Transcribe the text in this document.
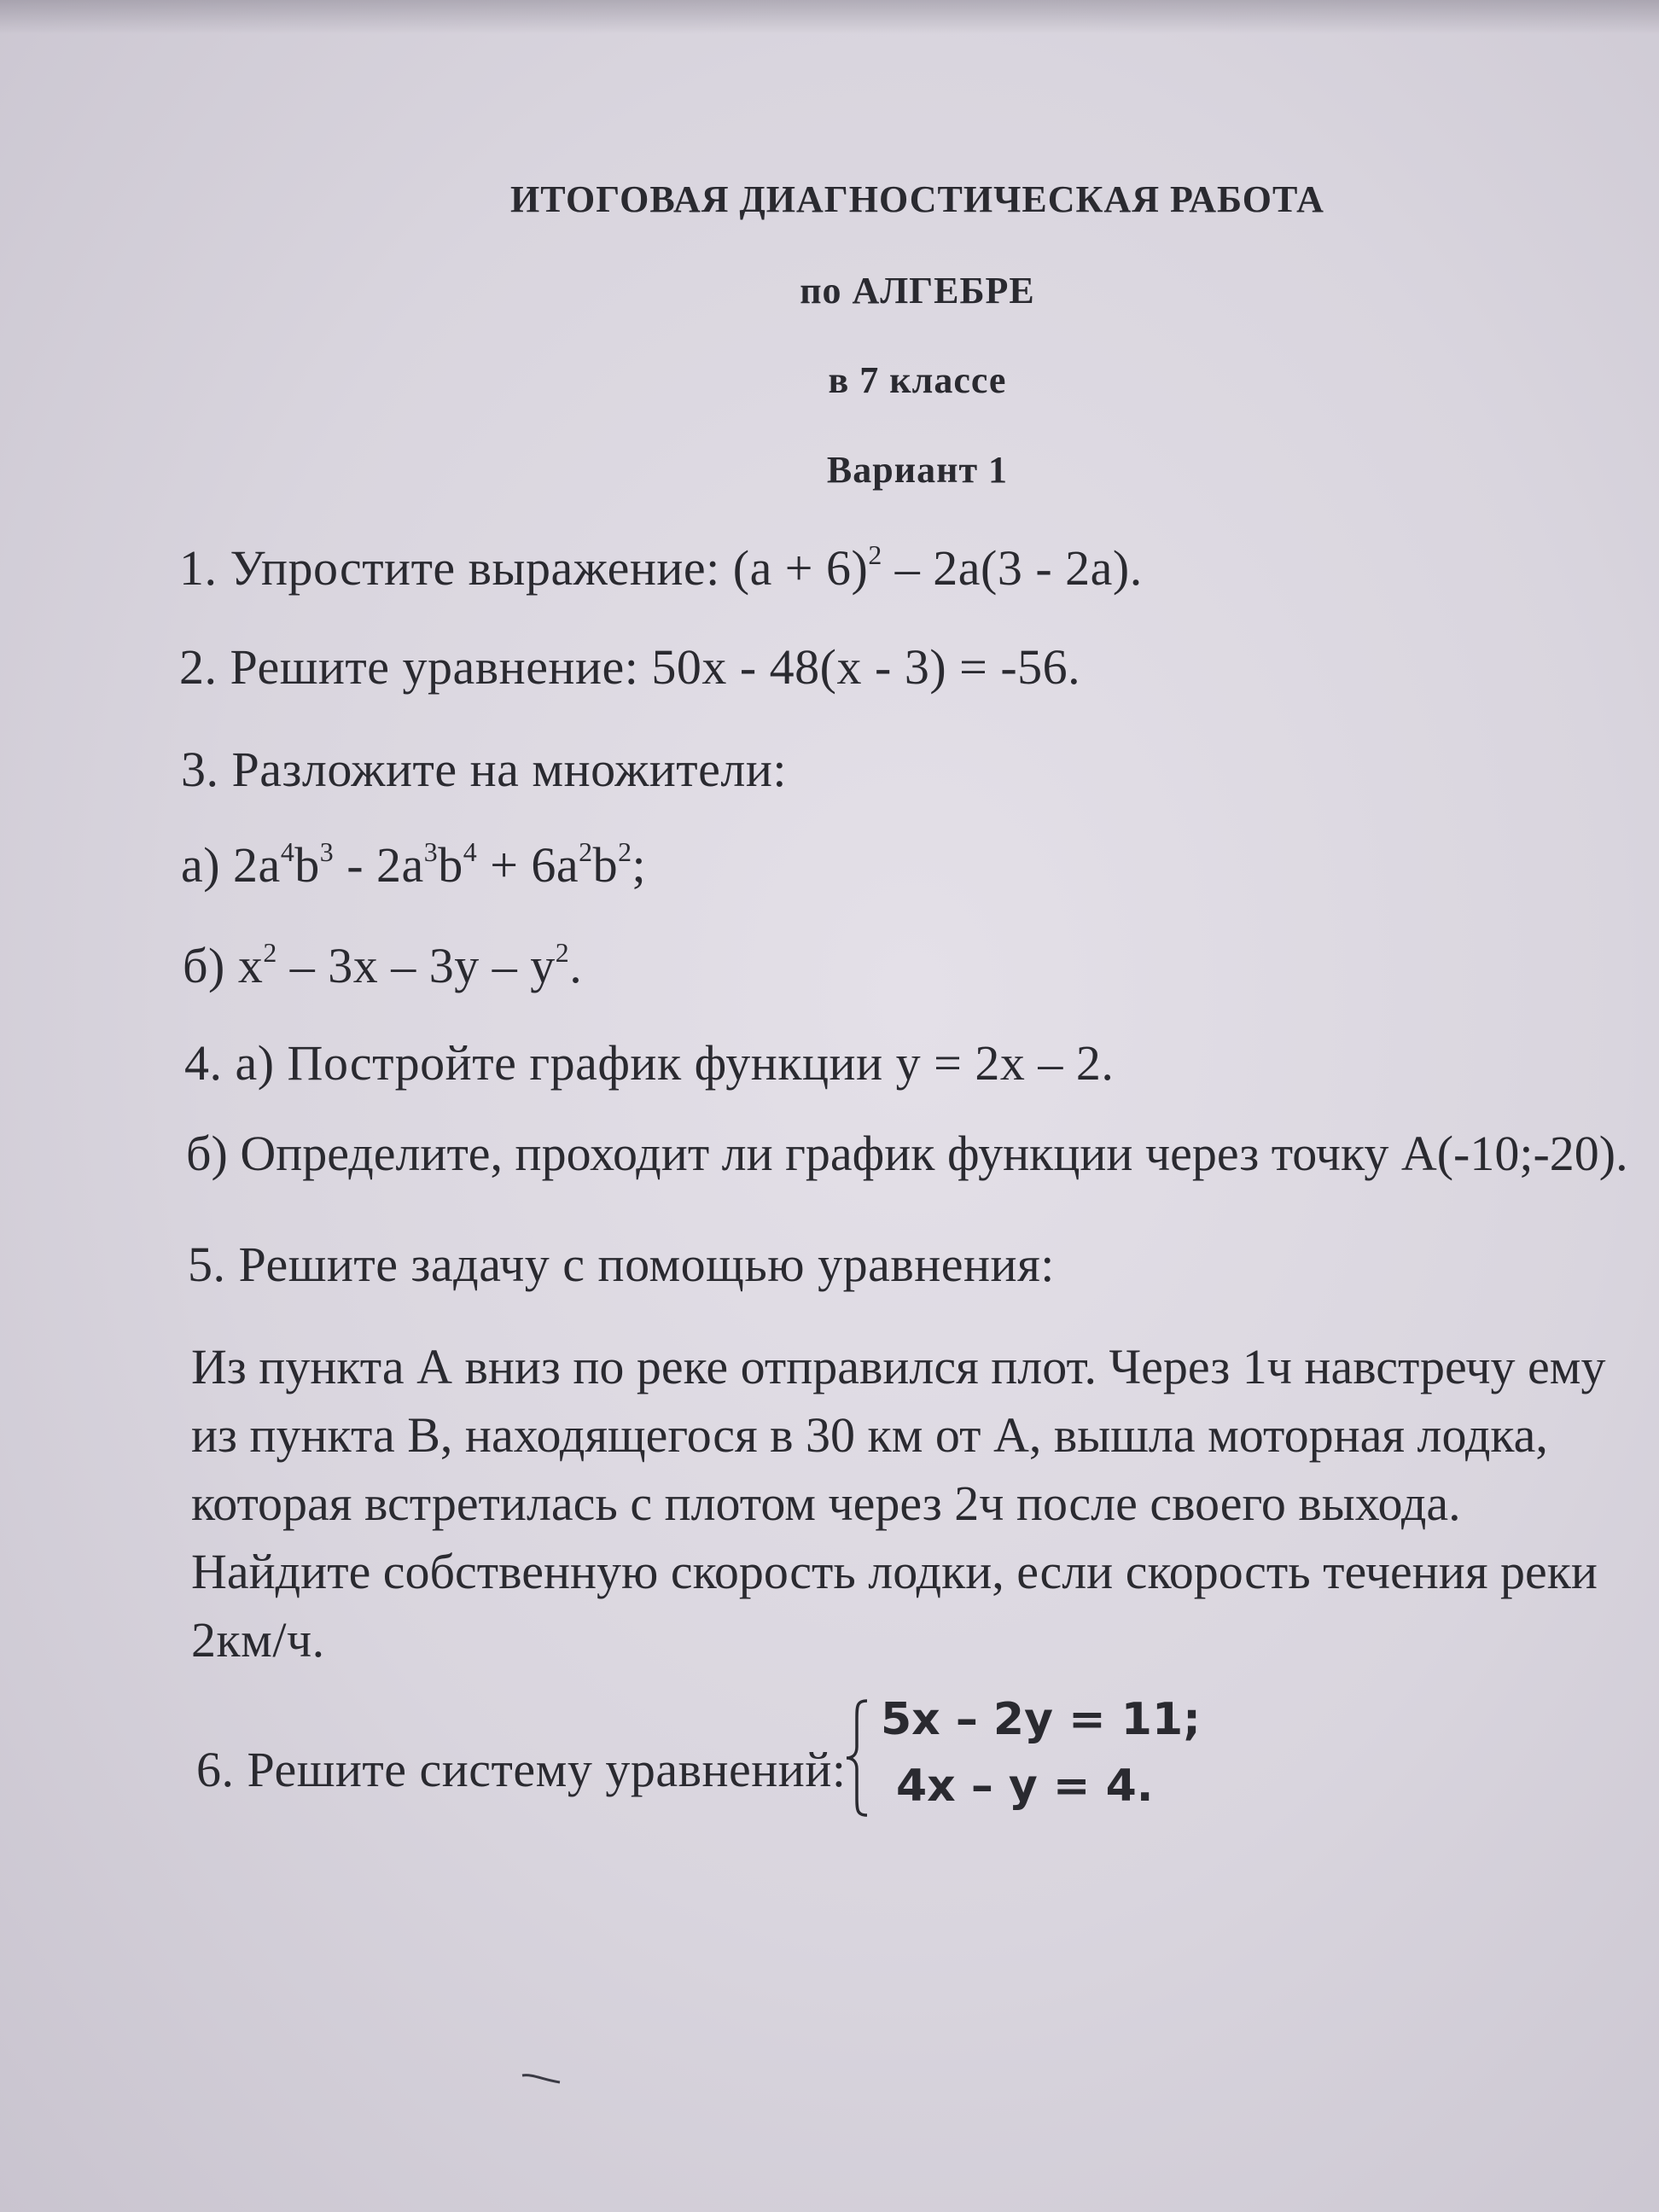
ИТОГОВАЯ ДИАГНОСТИЧЕСКАЯ РАБОТА
по АЛГЕБРЕ
в 7 классе
Вариант 1
1. Упростите выражение: $(a + 6)^2 - 2a(3 - 2a)$.
2. Решите уравнение: 50x - 48(x - 3) = -56.
3. Разложите на множители:
а) $2a^4b^3 - 2a^3b^4 + 6a^2b^2$;
б) $x^2 - 3x - 3y - y^2$.
4. а) Постройте график функции y = 2x – 2.
б) Определите, проходит ли график функции через точку A(-10;-20).
5. Решите задачу с помощью уравнения:
Из пункта А вниз по реке отправился плот. Через 1ч навстречу ему
из пункта В, находящегося в 30 км от А, вышла моторная лодка,
которая встретилась с плотом через 2ч после своего выхода.
Найдите собственную скорость лодки, если скорость течения реки
2км/ч.
6. Решите систему уравнений:
5x – 2y = 11;
4x – y = 4.
